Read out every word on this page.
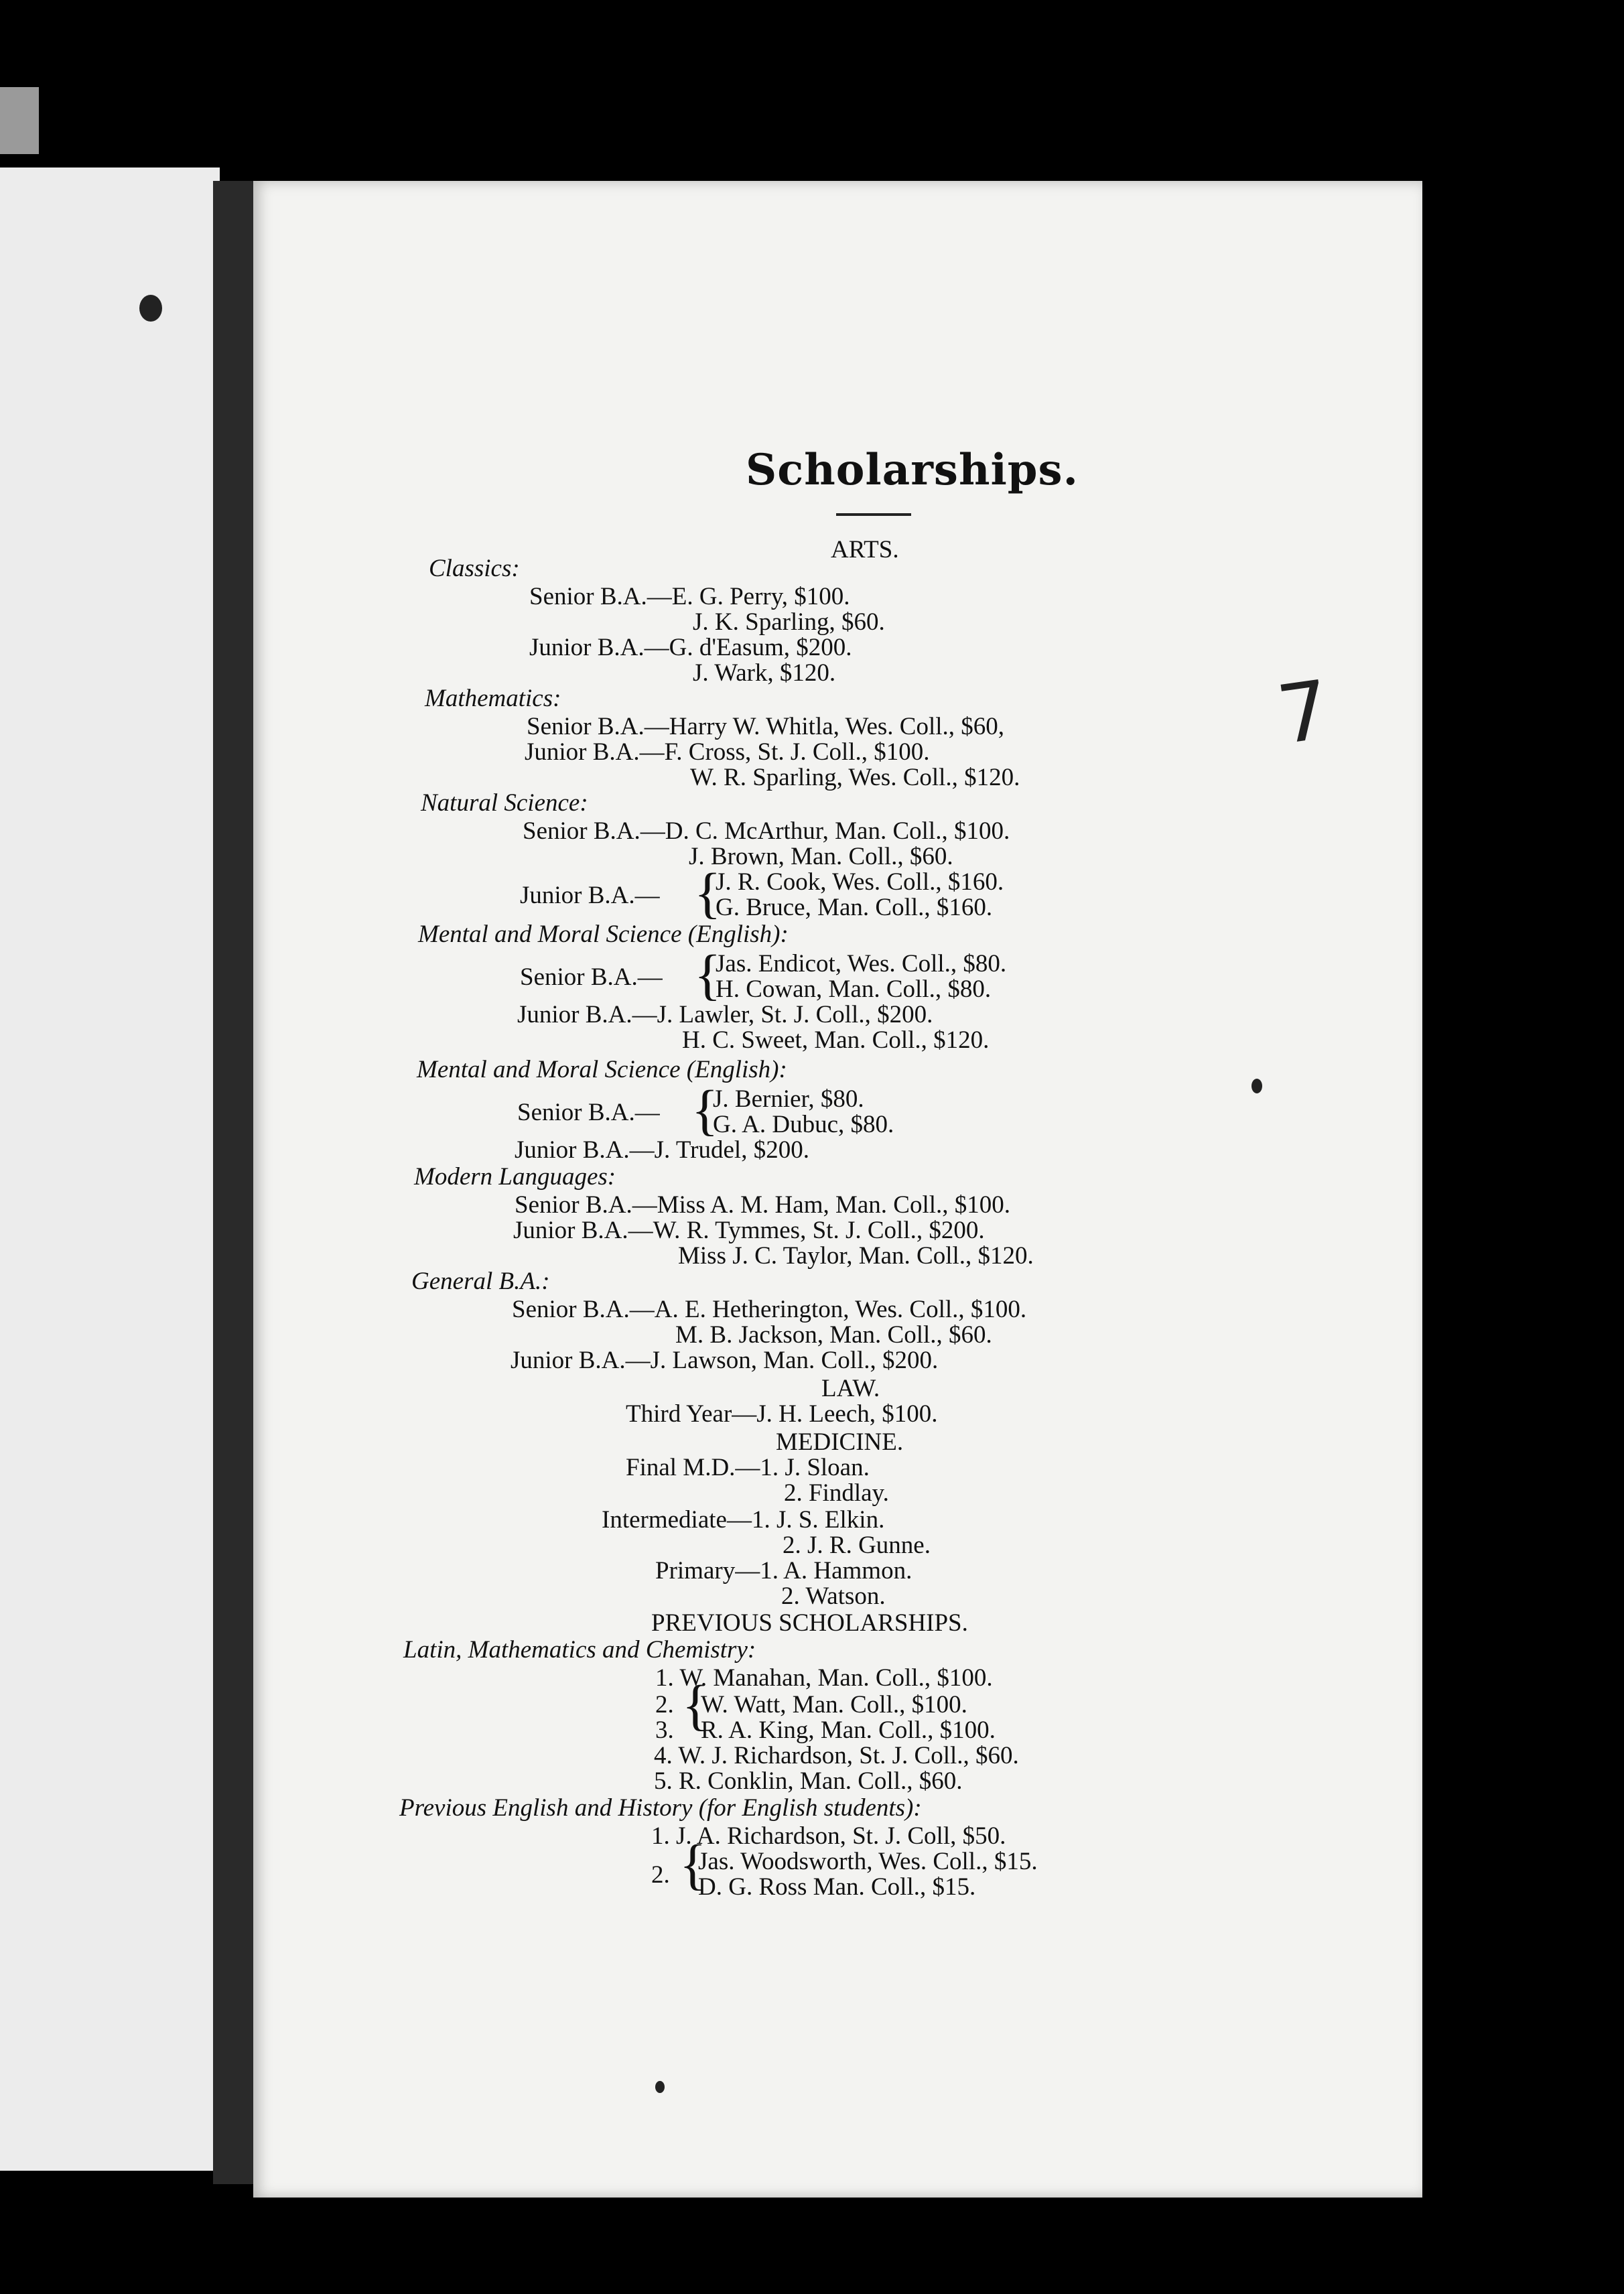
7
Scholarships.
ARTS.
Classics:
Senior B.A.—E. G. Perry, $100.
J. K. Sparling, $60.
Junior B.A.—G. d'Easum, $200.
J. Wark, $120.
Mathematics:
Senior B.A.—Harry W. Whitla, Wes. Coll., $60,
Junior B.A.—F. Cross, St. J. Coll., $100.
W. R. Sparling, Wes. Coll., $120.
Natural Science:
Senior B.A.—D. C. McArthur, Man. Coll., $100.
J. Brown, Man. Coll., $60.
Junior B.A.— {
J. R. Cook, Wes. Coll., $160.
G. Bruce, Man. Coll., $160.
Mental and Moral Science (English):
Senior B.A.— {
Jas. Endicot, Wes. Coll., $80.
H. Cowan, Man. Coll., $80.
Junior B.A.—J. Lawler, St. J. Coll., $200.
H. C. Sweet, Man. Coll., $120.
Mental and Moral Science (English):
Senior B.A.— {
J. Bernier, $80.
G. A. Dubuc, $80.
Junior B.A.—J. Trudel, $200.
Modern Languages:
Senior B.A.—Miss A. M. Ham, Man. Coll., $100.
Junior B.A.—W. R. Tymmes, St. J. Coll., $200.
Miss J. C. Taylor, Man. Coll., $120.
General B.A.:
Senior B.A.—A. E. Hetherington, Wes. Coll., $100.
M. B. Jackson, Man. Coll., $60.
Junior B.A.—J. Lawson, Man. Coll., $200.
LAW.
Third Year—J. H. Leech, $100.
MEDICINE.
Final M.D.—1. J. Sloan.
2. Findlay.
Intermediate—1. J. S. Elkin.
2. J. R. Gunne.
Primary—1. A. Hammon.
2. Watson.
PREVIOUS SCHOLARSHIPS.
Latin, Mathematics and Chemistry:
1. W. Manahan, Man. Coll., $100.
2.
3. {
W. Watt, Man. Coll., $100.
R. A. King, Man. Coll., $100.
4. W. J. Richardson, St. J. Coll., $60.
5. R. Conklin, Man. Coll., $60.
Previous English and History (for English students):
1. J. A. Richardson, St. J. Coll, $50.
2. {
Jas. Woodsworth, Wes. Coll., $15.
D. G. Ross Man. Coll., $15.
